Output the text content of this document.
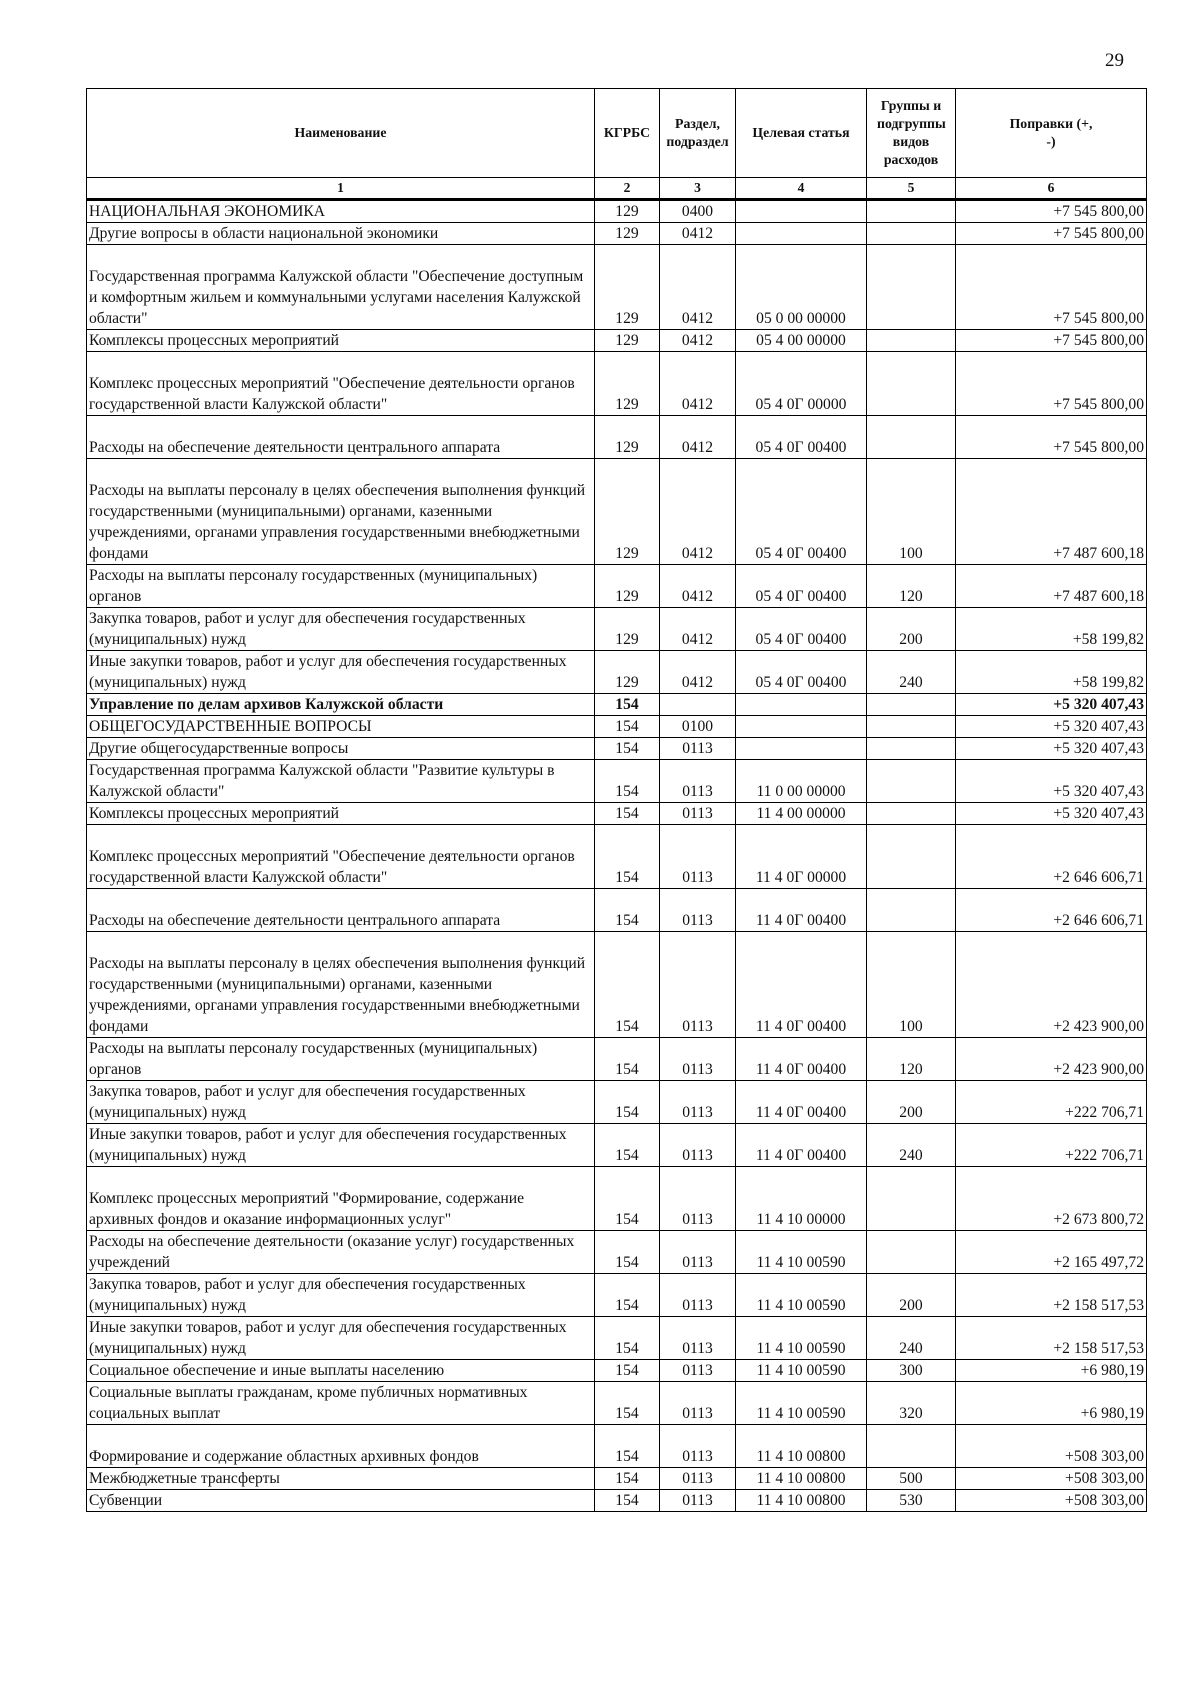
29
Наименование	КГРБС	Раздел, подраздел	Целевая статья	Группы и подгруппы видов расходов	Поправки (+, -)
1	2	3	4	5	6
НАЦИОНАЛЬНАЯ ЭКОНОМИКА	129	0400			+7 545 800,00
Другие вопросы в области национальной экономики	129	0412			+7 545 800,00
Государственная программа Калужской области "Обеспечение доступным и комфортным жильем и коммунальными услугами населения Калужской области"	129	0412	05 0 00 00000		+7 545 800,00
Комплексы процессных мероприятий	129	0412	05 4 00 00000		+7 545 800,00
Комплекс процессных мероприятий "Обеспечение деятельности органов государственной власти Калужской области"	129	0412	05 4 0Г 00000		+7 545 800,00
Расходы на обеспечение деятельности центрального аппарата	129	0412	05 4 0Г 00400		+7 545 800,00
Расходы на выплаты персоналу в целях обеспечения выполнения функций государственными (муниципальными) органами, казенными учреждениями, органами управления государственными внебюджетными фондами	129	0412	05 4 0Г 00400	100	+7 487 600,18
Расходы на выплаты персоналу государственных (муниципальных) органов	129	0412	05 4 0Г 00400	120	+7 487 600,18
Закупка товаров, работ и услуг для обеспечения государственных (муниципальных) нужд	129	0412	05 4 0Г 00400	200	+58 199,82
Иные закупки товаров, работ и услуг для обеспечения государственных (муниципальных) нужд	129	0412	05 4 0Г 00400	240	+58 199,82
Управление по делам архивов Калужской области	154				+5 320 407,43
ОБЩЕГОСУДАРСТВЕННЫЕ ВОПРОСЫ	154	0100			+5 320 407,43
Другие общегосударственные вопросы	154	0113			+5 320 407,43
Государственная программа Калужской области "Развитие культуры в Калужской области"	154	0113	11 0 00 00000		+5 320 407,43
Комплексы процессных мероприятий	154	0113	11 4 00 00000		+5 320 407,43
Комплекс процессных мероприятий "Обеспечение деятельности органов государственной власти Калужской области"	154	0113	11 4 0Г 00000		+2 646 606,71
Расходы на обеспечение деятельности центрального аппарата	154	0113	11 4 0Г 00400		+2 646 606,71
Расходы на выплаты персоналу в целях обеспечения выполнения функций государственными (муниципальными) органами, казенными учреждениями, органами управления государственными внебюджетными фондами	154	0113	11 4 0Г 00400	100	+2 423 900,00
Расходы на выплаты персоналу государственных (муниципальных) органов	154	0113	11 4 0Г 00400	120	+2 423 900,00
Закупка товаров, работ и услуг для обеспечения государственных (муниципальных) нужд	154	0113	11 4 0Г 00400	200	+222 706,71
Иные закупки товаров, работ и услуг для обеспечения государственных (муниципальных) нужд	154	0113	11 4 0Г 00400	240	+222 706,71
Комплекс процессных мероприятий "Формирование, содержание архивных фондов и оказание информационных услуг"	154	0113	11 4 10 00000		+2 673 800,72
Расходы на обеспечение деятельности (оказание услуг) государственных учреждений	154	0113	11 4 10 00590		+2 165 497,72
Закупка товаров, работ и услуг для обеспечения государственных (муниципальных) нужд	154	0113	11 4 10 00590	200	+2 158 517,53
Иные закупки товаров, работ и услуг для обеспечения государственных (муниципальных) нужд	154	0113	11 4 10 00590	240	+2 158 517,53
Социальное обеспечение и иные выплаты населению	154	0113	11 4 10 00590	300	+6 980,19
Социальные выплаты гражданам, кроме публичных нормативных социальных выплат	154	0113	11 4 10 00590	320	+6 980,19
Формирование и содержание областных архивных фондов	154	0113	11 4 10 00800		+508 303,00
Межбюджетные трансферты	154	0113	11 4 10 00800	500	+508 303,00
Субвенции	154	0113	11 4 10 00800	530	+508 303,00
